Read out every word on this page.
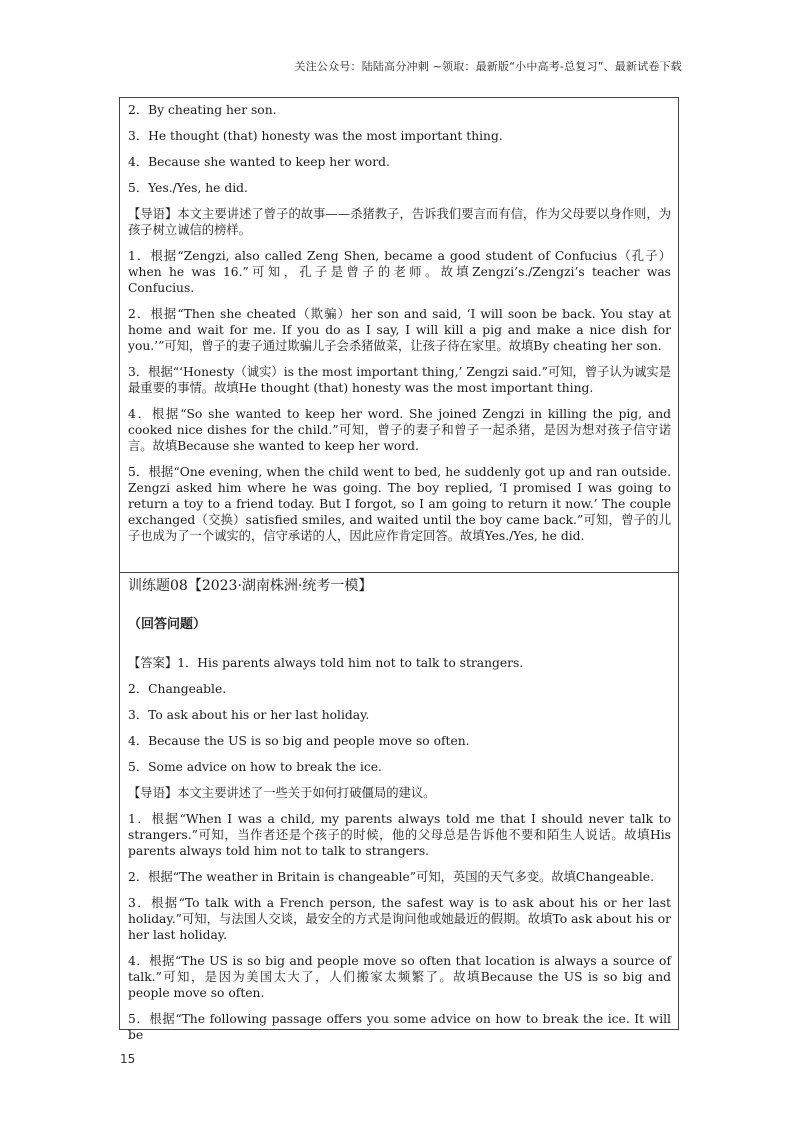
关注公众号：陆陆高分冲刺 ~领取：最新版“小中高考-总复习”、最新试卷下载

2．By cheating her son.

3．He thought (that) honesty was the most important thing.

4．Because she wanted to keep her word.

5．Yes./Yes, he did.

【导语】本文主要讲述了曾子的故事——杀猪教子，告诉我们要言而有信，作为父母要以身作则，为孩子树立诚信的榜样。

1．根据“Zengzi, also called Zeng Shen, became a good student of Confucius（孔子）when he was 16.”可知，孔子是曾子的老师。故填Zengzi’s./Zengzi’s teacher was Confucius.

2．根据“Then she cheated（欺骗）her son and said, ‘I will soon be back. You stay at home and wait for me. If you do as I say, I will kill a pig and make a nice dish for you.’”可知，曾子的妻子通过欺骗儿子会杀猪做菜，让孩子待在家里。故填By cheating her son.

3．根据“‘Honesty（诚实）is the most important thing,’ Zengzi said.”可知，曾子认为诚实是最重要的事情。故填He thought (that) honesty was the most important thing.

4．根据“So she wanted to keep her word. She joined Zengzi in killing the pig, and cooked nice dishes for the child.”可知，曾子的妻子和曾子一起杀猪，是因为想对孩子信守诺言。故填Because she wanted to keep her word.

5．根据“One evening, when the child went to bed, he suddenly got up and ran outside. Zengzi asked him where he was going. The boy replied, ‘I promised I was going to return a toy to a friend today. But I forgot, so I am going to return it now.’ The couple exchanged（交换）satisfied smiles, and waited until the boy came back.”可知，曾子的儿子也成为了一个诚实的，信守承诺的人，因此应作肯定回答。故填Yes./Yes, he did.

训练题08【2023·湖南株洲·统考一模】

（回答问题）

【答案】1．His parents always told him not to talk to strangers.

2．Changeable.

3．To ask about his or her last holiday.

4．Because the US is so big and people move so often.

5．Some advice on how to break the ice.

【导语】本文主要讲述了一些关于如何打破僵局的建议。

1．根据“When I was a child, my parents always told me that I should never talk to strangers.”可知，当作者还是个孩子的时候，他的父母总是告诉他不要和陌生人说话。故填His parents always told him not to talk to strangers.

2．根据“The weather in Britain is changeable”可知，英国的天气多变。故填Changeable.

3．根据“To talk with a French person, the safest way is to ask about his or her last holiday.”可知，与法国人交谈，最安全的方式是询问他或她最近的假期。故填To ask about his or her last holiday.

4．根据“The US is so big and people move so often that location is always a source of talk.”可知，是因为美国太大了，人们搬家太频繁了。故填Because the US is so big and people move so often.

5．根据“The following passage offers you some advice on how to break the ice. It will be

15
